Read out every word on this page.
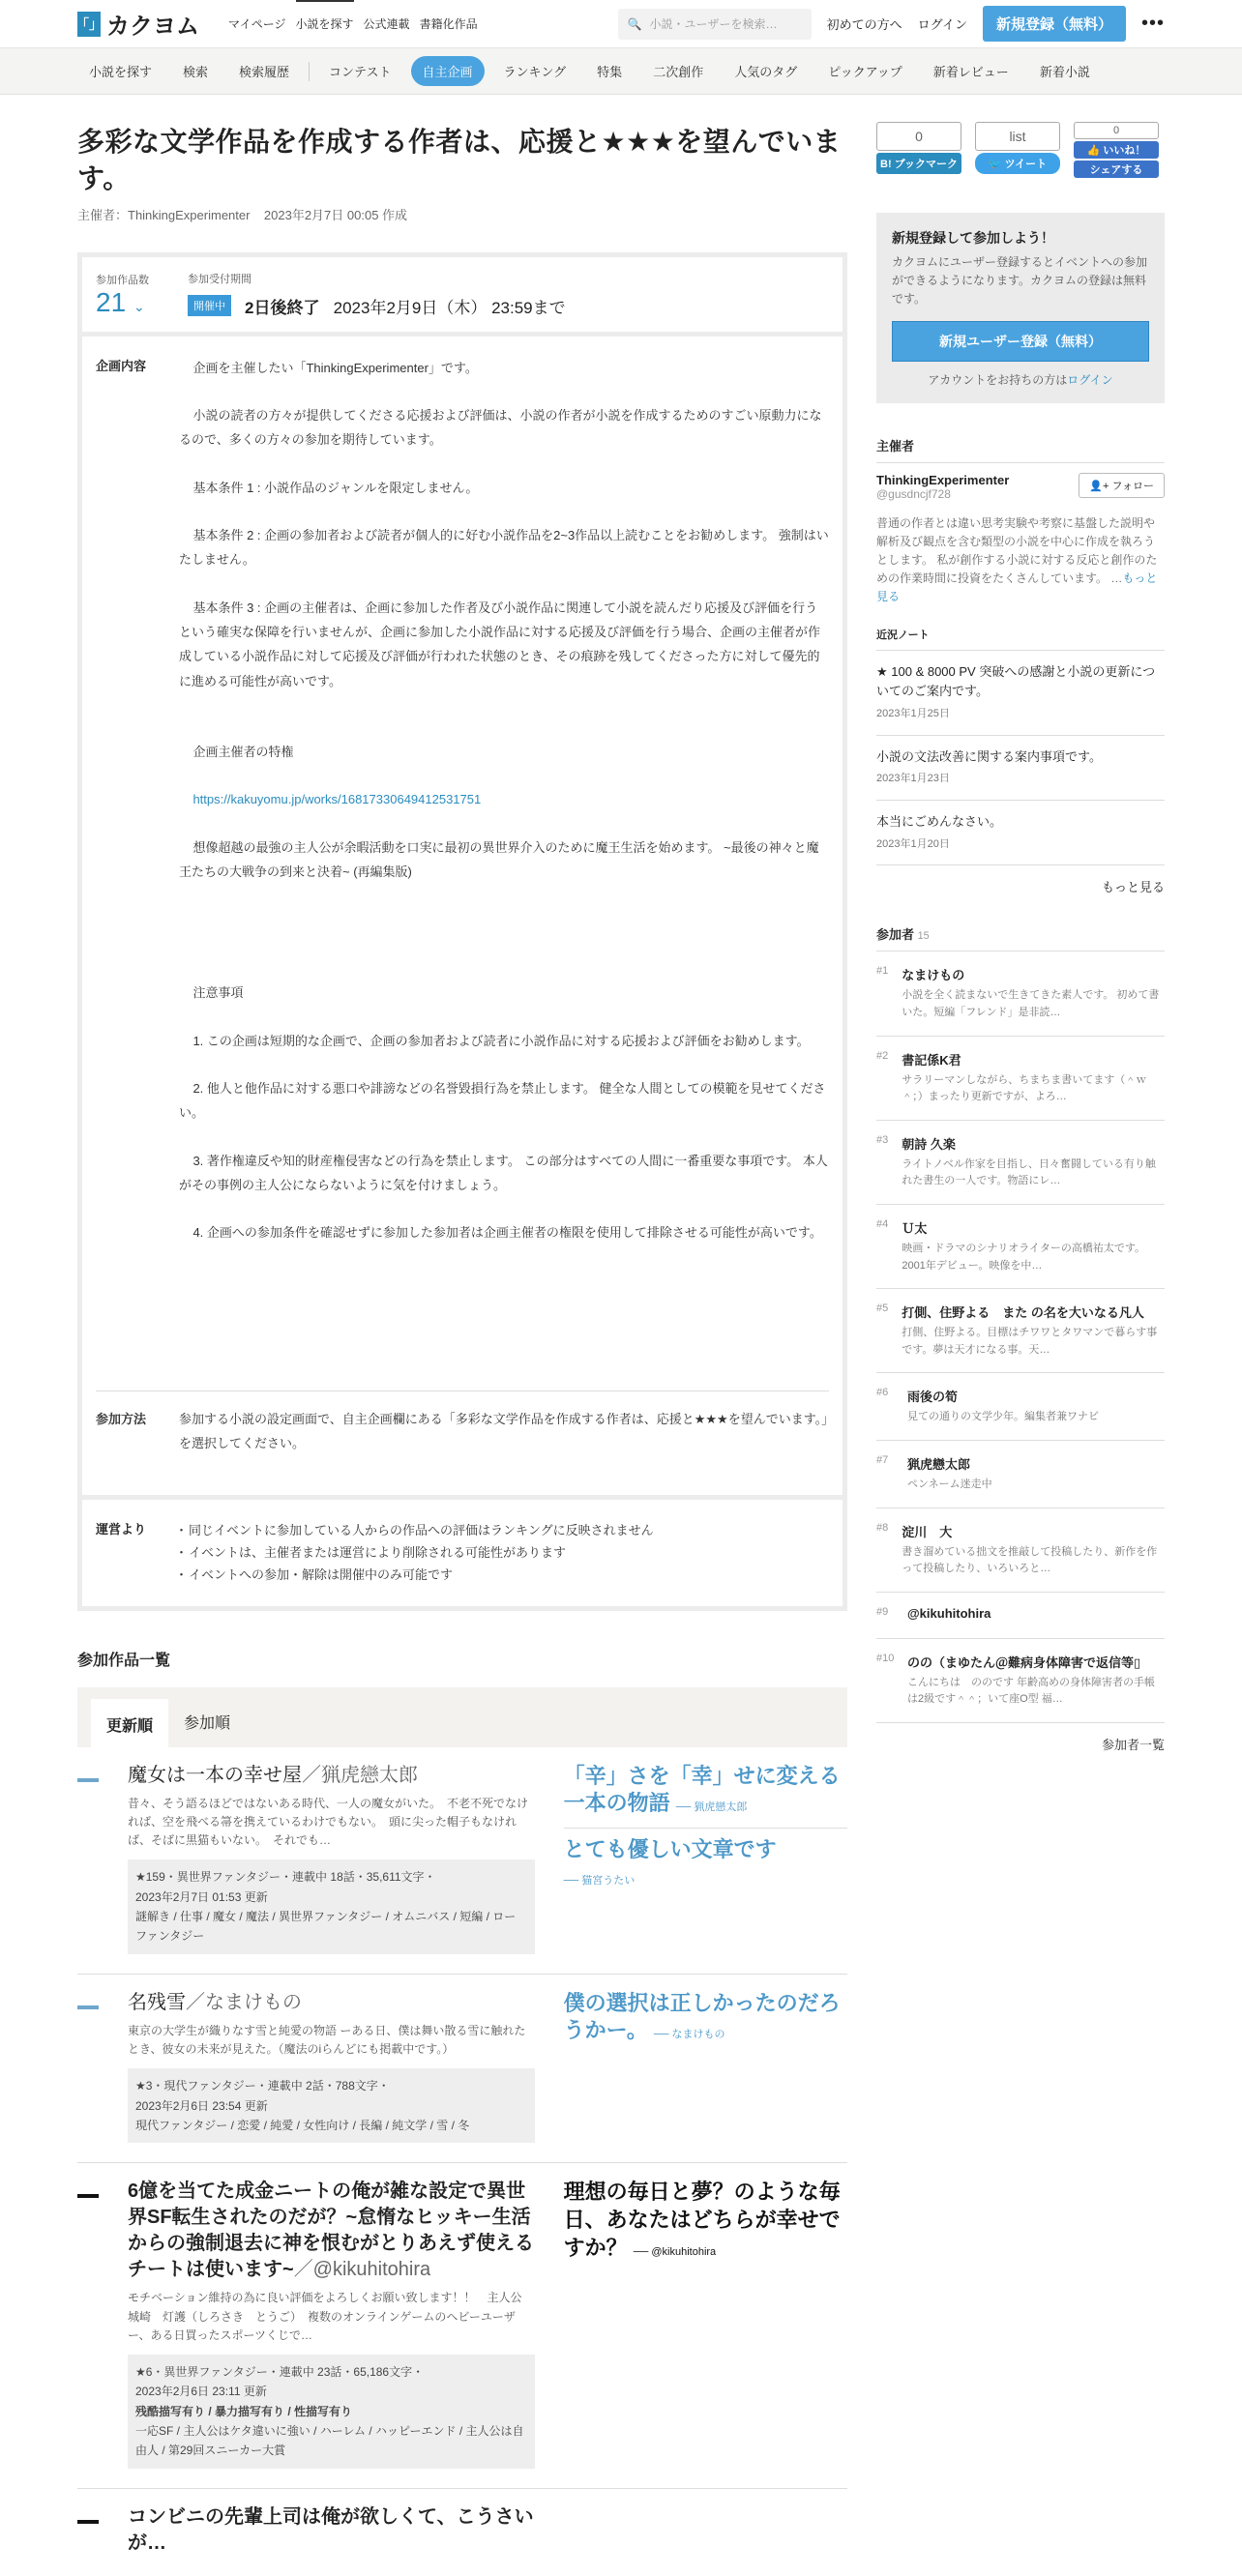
「」 カクヨム	マイページ 小説を探す 公式連載 書籍化作品	🔍 小説・ユーザーを検索…	初めての方へ ログイン	新規登録（無料）	•••
小説を探す	検索	検索履歴	コンテスト	自主企画	ランキング	特集	二次創作	人気のタグ	ピックアップ	新着レビュー	新着小説
多彩な文学作品を作成する作者は、応援と★★★を望んでいます。
主催者：ThinkingExperimenter 2023年2月7日 00:05 作成
参加作品数
21 ⌄
参加受付期間
開催中	2日後終了
2023年2月9日（木） 23:59まで
企画内容	企画を主催したい「ThinkingExperimenter」です。

小説の読者の方々が提供してくださる応援および評価は、小説の作者が小説を作成するためのすごい原動力になるので、多くの方々の参加を期待しています。

基本条件 1 : 小説作品のジャンルを限定しません。

基本条件 2 : 企画の参加者および読者が個人的に好む小説作品を2~3作品以上読むことをお勧めします。 強制はいたしません。

基本条件 3 : 企画の主催者は、企画に参加した作者及び小説作品に関連して小説を読んだり応援及び評価を行うという確実な保障を行いませんが、企画に参加した小説作品に対する応援及び評価を行う場合、企画の主催者が作成している小説作品に対して応援及び評価が行われた状態のとき、その痕跡を残してくださった方に対して優先的に進める可能性が高いです。

企画主催者の特権

https://kakuyomu.jp/works/16817330649412531751

想像超越の最強の主人公が余暇活動を口実に最初の異世界介入のために魔王生活を始めます。 ~最後の神々と魔王たちの大戦争の到来と決着~ (再編集版)

注意事項

1. この企画は短期的な企画で、企画の参加者および読者に小説作品に対する応援および評価をお勧めします。

2. 他人と他作品に対する悪口や誹謗などの名誉毀損行為を禁止します。 健全な人間としての模範を見せてください。

3. 著作権違反や知的財産権侵害などの行為を禁止します。 この部分はすべての人間に一番重要な事項です。 本人がその事例の主人公にならないように気を付けましょう。

4. 企画への参加条件を確認せずに参加した参加者は企画主催者の権限を使用して排除させる可能性が高いです。

参加方法	参加する小説の設定画面で、自主企画欄にある「多彩な文学作品を作成する作者は、応援と★★★を望んでいます。」を選択してください。
運営より
・	同じイベントに参加している人からの作品への評価はランキングに反映されません
・ イベントは、主催者または運営により削除される可能性があります
・ イベントへの参加・解除は開催中のみ可能です
参加作品一覧
更新順	参加順
魔女は一本の幸せ屋／猟虎戀太郎
昔々、そう語るほどではないある時代、一人の魔女がいた。　不老不死でなければ、空を飛べる箒を携えているわけでもない。　頭に尖った帽子もなければ、そばに黒猫もいない。　それでも…
★159・異世界ファンタジー・連載中 18話・35,611文字・
2023年2月7日 01:53 更新
謎解き / 仕事 / 魔女 / 魔法 / 異世界ファンタジー / オムニバス / 短編 / ローファンタジー
「辛」さを「幸」せに変える一本の物語 ── 猟虎戀太郎
とても優しい文章です
── 猫宮うたい
名残雪／なまけもの
東京の大学生が織りなす雪と純愛の物語 ーある日、僕は舞い散る雪に触れたとき、彼女の未来が見えた。（魔法のiらんどにも掲載中です。）
★3・現代ファンタジー・連載中 2話・788文字・
2023年2月6日 23:54 更新
現代ファンタジー / 恋愛 / 純愛 / 女性向け / 長編 / 純文学 / 雪 / 冬
僕の選択は正しかったのだろうかー。 ── なまけもの
6億を当てた成金ニートの俺が雑な設定で異世界SF転生されたのだが？~怠惰なヒッキー生活からの強制退去に神を恨むがとりあえず使えるチートは使います~／@kikuhitohira
モチベーション維持の為に良い評価をよろしくお願い致します！！　主人公　城崎　灯護（しろさき　とうご）　複数のオンラインゲームのヘビーユーザー、ある日買ったスポーツくじで…
★6・異世界ファンタジー・連載中 23話・65,186文字・
2023年2月6日 23:11 更新
残酷描写有り / 暴力描写有り / 性描写有り
一応SF / 主人公はケタ違いに強い / ハーレム / ハッピーエンド / 主人公は自由人 / 第29回スニーカー大賞
理想の毎日と夢？のような毎日、あなたはどちらが幸せですか？ ── @kikuhitohira
コンビニの先輩上司は俺が欲しくて、こうさいが…
0
B! ブックマーク
list
🐦
ツイート
0
👍
いいね！
シェアする
新規登録して参加しよう！

カクヨムにユーザー登録するとイベントへの参加ができるようになります。カクヨムの登録は無料です。

新規ユーザー登録（無料）
アカウントをお持ちの方はログイン
主催者
ThinkingExperimenter
@gusdncjf728
👤+ フォロー

普通の作者とは違い思考実験や考察に基盤した説明や解析及び観点を含む類型の小説を中心に作成を執ろうとします。 私が創作する小説に対する反応と創作のための作業時間に投資をたくさんしています。 …もっと見る

近況ノート
★ 100 & 8000 PV 突破への感謝と小説の更新についてのご案内です。
2023年1月25日
小説の文法改善に関する案内事項です。
2023年1月23日
本当にごめんなさい。
2023年1月20日
もっと見る
参加者 15
#1 なまけもの
小説を全く読まないで生きてきた素人です。 初めて書いた。短編「フレンド」是非読…
#2 書記係K君
サラリーマンしながら、ちまちま書いてます（＾ｗ＾；）まったり更新ですが、よろ…
#3 朝詩 久楽
ライトノベル作家を目指し、日々奮闘している有り触れた書生の一人です。物語にレ…
#4 Ｕ太
映画・ドラマのシナリオライターの高橋祐太です。2001年デビュー。映像を中…
#5 打側、住野よる　また の名を大いなる凡人
打側、住野よる。目標はチワワとタワマンで暮らす事です。夢は天才になる事。天…
#6	雨後の筍
見ての通りの文学少年。編集者兼ワナビ
#7	猟虎戀太郎
ペンネーム迷走中
#8 淀川　大
書き溜めている拙文を推敲して投稿したり、新作を作って投稿したり、いろいろと…
#9	@kikuhitohira
#10 のの（まゆたん＠難病身体障害で返信等▯
こんにちは　ののです 年齢高めの身体障害者の手帳は2級です＾＾；いて座O型 福…
参加者一覧
